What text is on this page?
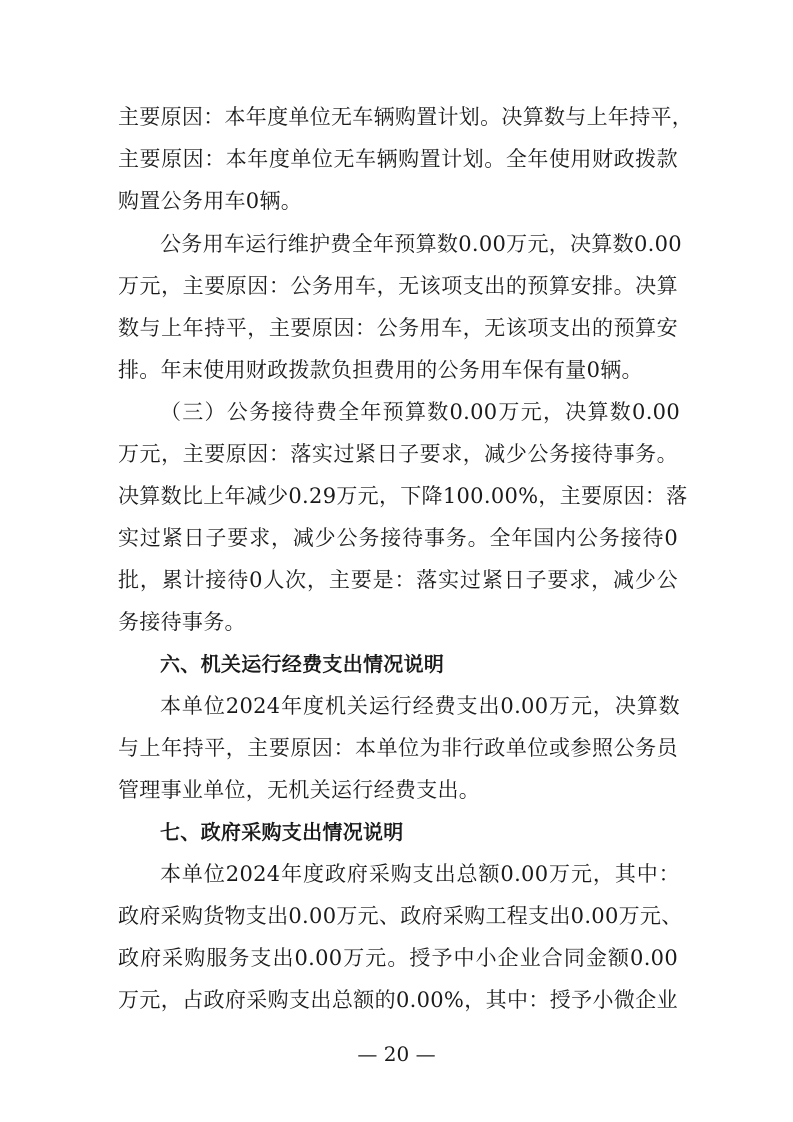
主要原因：本年度单位无车辆购置计划。决算数与上年持平，
主要原因：本年度单位无车辆购置计划。全年使用财政拨款
购置公务用车0辆。
公务用车运行维护费全年预算数0.00万元，决算数0.00
万元，主要原因：公务用车，无该项支出的预算安排。决算
数与上年持平，主要原因：公务用车，无该项支出的预算安
排。年末使用财政拨款负担费用的公务用车保有量0辆。
（三）公务接待费全年预算数0.00万元，决算数0.00
万元，主要原因：落实过紧日子要求，减少公务接待事务。
决算数比上年减少0.29万元，下降100.00%，主要原因：落
实过紧日子要求，减少公务接待事务。全年国内公务接待0
批，累计接待0人次，主要是：落实过紧日子要求，减少公
务接待事务。
六、机关运行经费支出情况说明
本单位2024年度机关运行经费支出0.00万元，决算数
与上年持平，主要原因：本单位为非行政单位或参照公务员
管理事业单位，无机关运行经费支出。
七、政府采购支出情况说明
本单位2024年度政府采购支出总额0.00万元，其中：
政府采购货物支出0.00万元、政府采购工程支出0.00万元、
政府采购服务支出0.00万元。授予中小企业合同金额0.00
万元，占政府采购支出总额的0.00%，其中：授予小微企业
— 20 —
